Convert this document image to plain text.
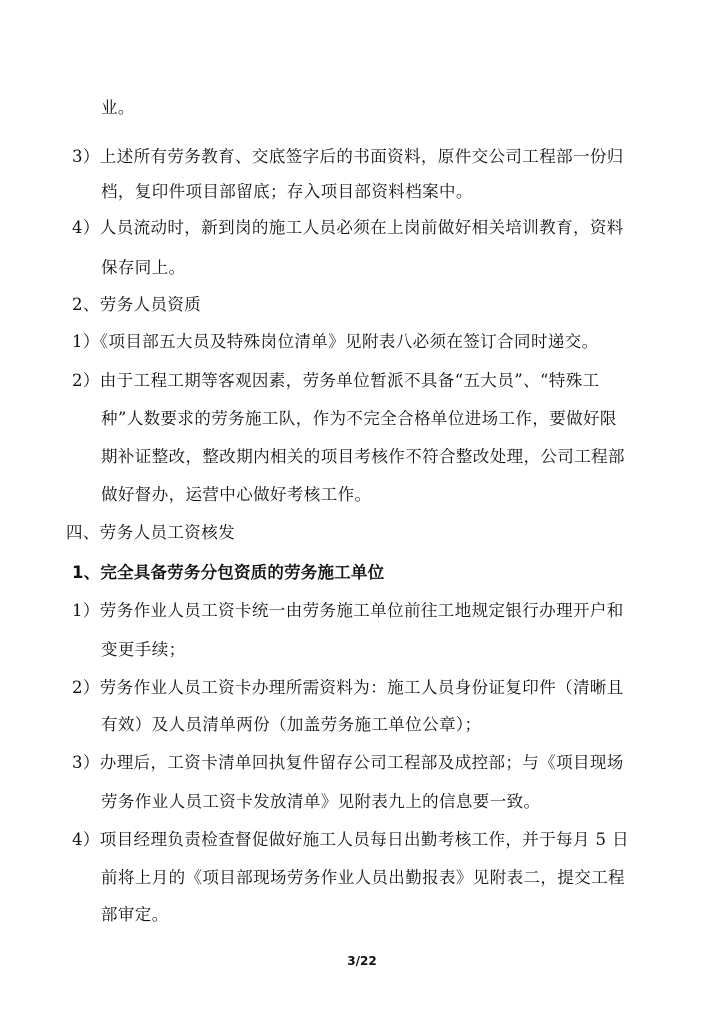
业。
3）上述所有劳务教育、交底签字后的书面资料，原件交公司工程部一份归
档，复印件项目部留底；存入项目部资料档案中。
4）人员流动时，新到岗的施工人员必须在上岗前做好相关培训教育，资料
保存同上。
2、劳务人员资质
1）《项目部五大员及特殊岗位清单》见附表八必须在签订合同时递交。
2）由于工程工期等客观因素，劳务单位暂派不具备“五大员”、“特殊工
种”人数要求的劳务施工队，作为不完全合格单位进场工作，要做好限
期补证整改，整改期内相关的项目考核作不符合整改处理，公司工程部
做好督办，运营中心做好考核工作。
四、劳务人员工资核发
1、完全具备劳务分包资质的劳务施工单位
1）劳务作业人员工资卡统一由劳务施工单位前往工地规定银行办理开户和
变更手续；
2）劳务作业人员工资卡办理所需资料为：施工人员身份证复印件（清晰且
有效）及人员清单两份（加盖劳务施工单位公章）；
3）办理后，工资卡清单回执复件留存公司工程部及成控部；与《项目现场
劳务作业人员工资卡发放清单》见附表九上的信息要一致。
4）项目经理负责检查督促做好施工人员每日出勤考核工作，并于每月 5 日
前将上月的《项目部现场劳务作业人员出勤报表》见附表二，提交工程
部审定。
3/22
